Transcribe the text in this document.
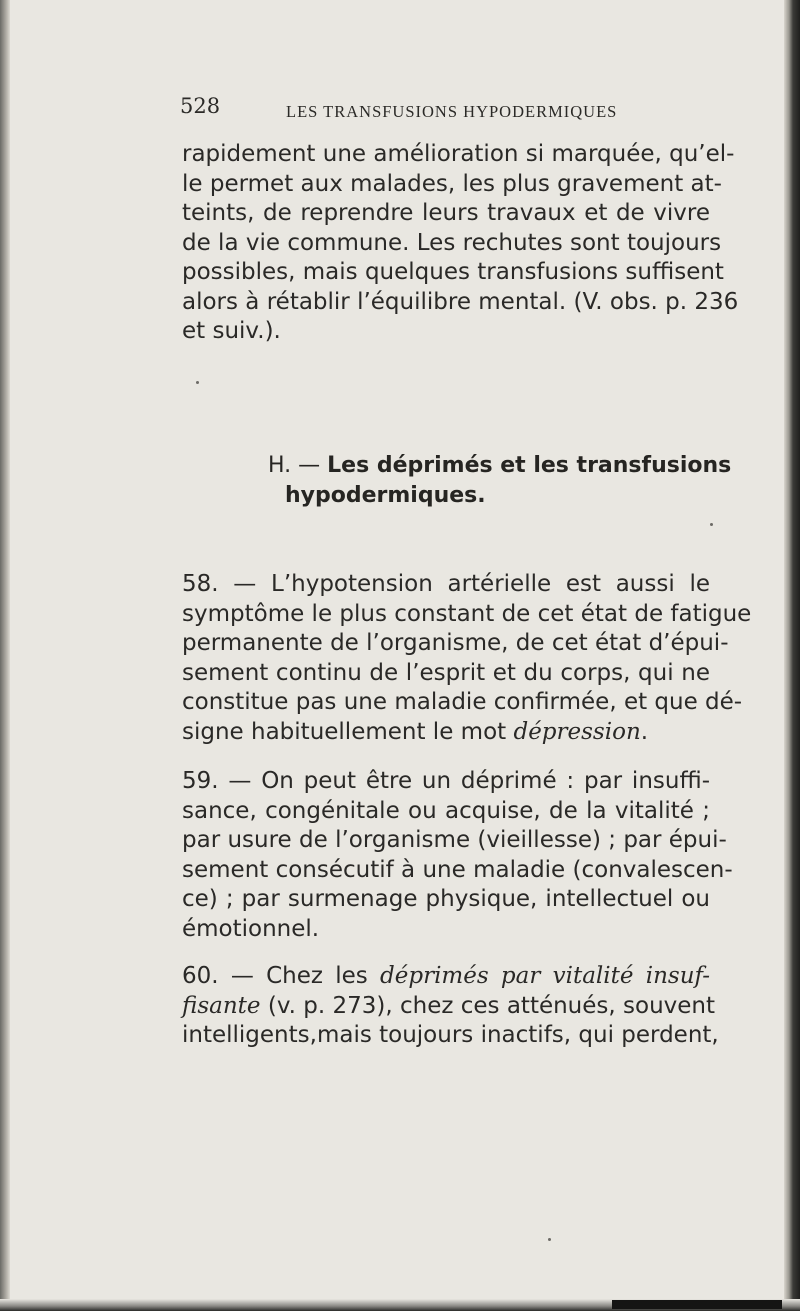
528	LES TRANSFUSIONS HYPODERMIQUES
rapidement une amélioration si marquée, qu’el-
le permet aux malades, les plus gravement at-
teints, de reprendre leurs travaux et de vivre
de la vie commune. Les rechutes sont toujours
possibles, mais quelques transfusions suffisent
alors à rétablir l’équilibre mental. (V. obs. p. 236
et suiv.).
H. — Les déprimés et les transfusions
hypodermiques.
58. — L’hypotension artérielle est aussi le
symptôme le plus constant de cet état de fatigue
permanente de l’organisme, de cet état d’épui-
sement continu de l’esprit et du corps, qui ne
constitue pas une maladie confirmée, et que dé-
signe habituellement le mot dépression.
59. — On peut être un déprimé : par insuffi-
sance, congénitale ou acquise, de la vitalité ;
par usure de l’organisme (vieillesse) ; par épui-
sement consécutif à une maladie (convalescen-
ce) ; par surmenage physique, intellectuel ou
émotionnel.
60. — Chez les déprimés par vitalité insuf-
fisante (v. p. 273), chez ces atténués, souvent
intelligents,mais toujours inactifs, qui perdent,
